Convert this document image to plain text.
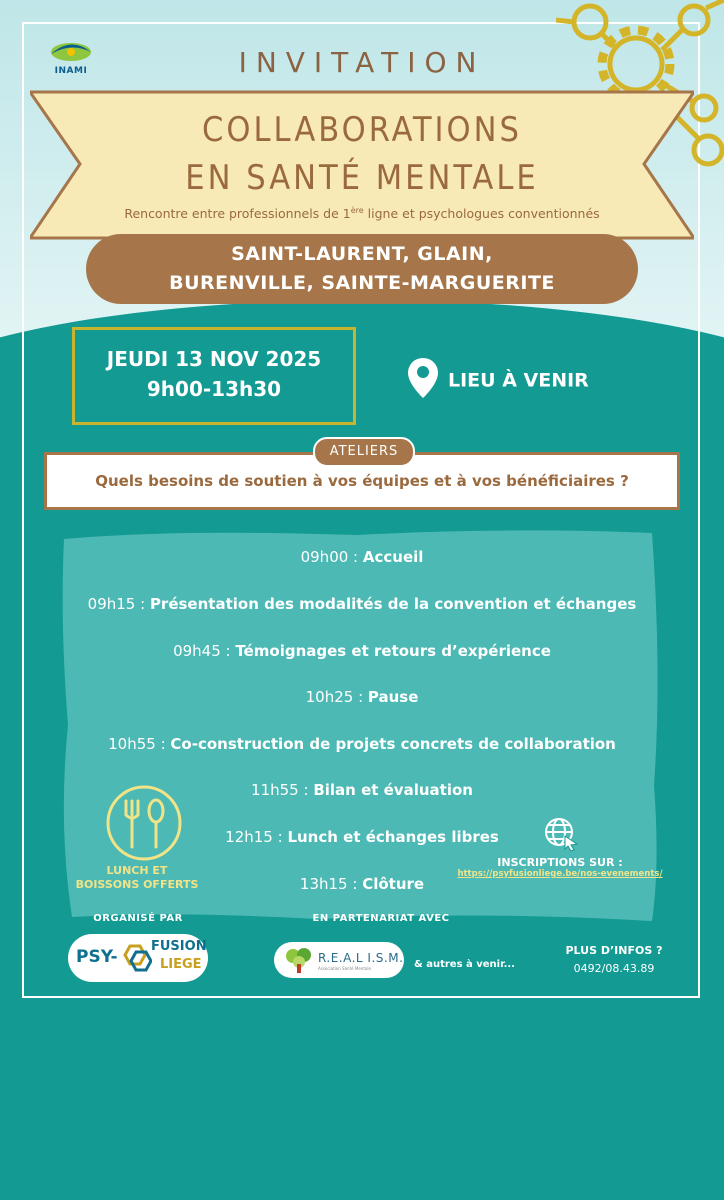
INAMI	INVITATION
COLLABORATIONS
EN SANTÉ MENTALE
Rencontre entre professionnels de 1ère ligne et psychologues conventionnés
SAINT-LAURENT, GLAIN,
BURENVILLE, SAINTE-MARGUERITE
JEUDI 13 NOV 2025
9h00-13h30	LIEU À VENIR
Quels besoins de soutien à vos équipes et à vos bénéficiaires ?
ATELIERS
09h00 : Accueil
09h15 : Présentation des modalités de la convention et échanges
09h45 : Témoignages et retours d’expérience
10h25 : Pause
10h55 : Co-construction de projets concrets de collaboration
11h55 : Bilan et évaluation
12h15 : Lunch et échanges libres
13h15 : Clôture
LUNCH ET
BOISSONS OFFERTS
INSCRIPTIONS SUR :
https://psyfusionliege.be/nos-evenements/
ORGANISÉ PAR	EN PARTENARIAT AVEC
PSY-
FUSION
LIEGE	R.E.A.L I.S.M.
Association Santé Mentale	& autres à venir...
PLUS D’INFOS ?
0492/08.43.89
